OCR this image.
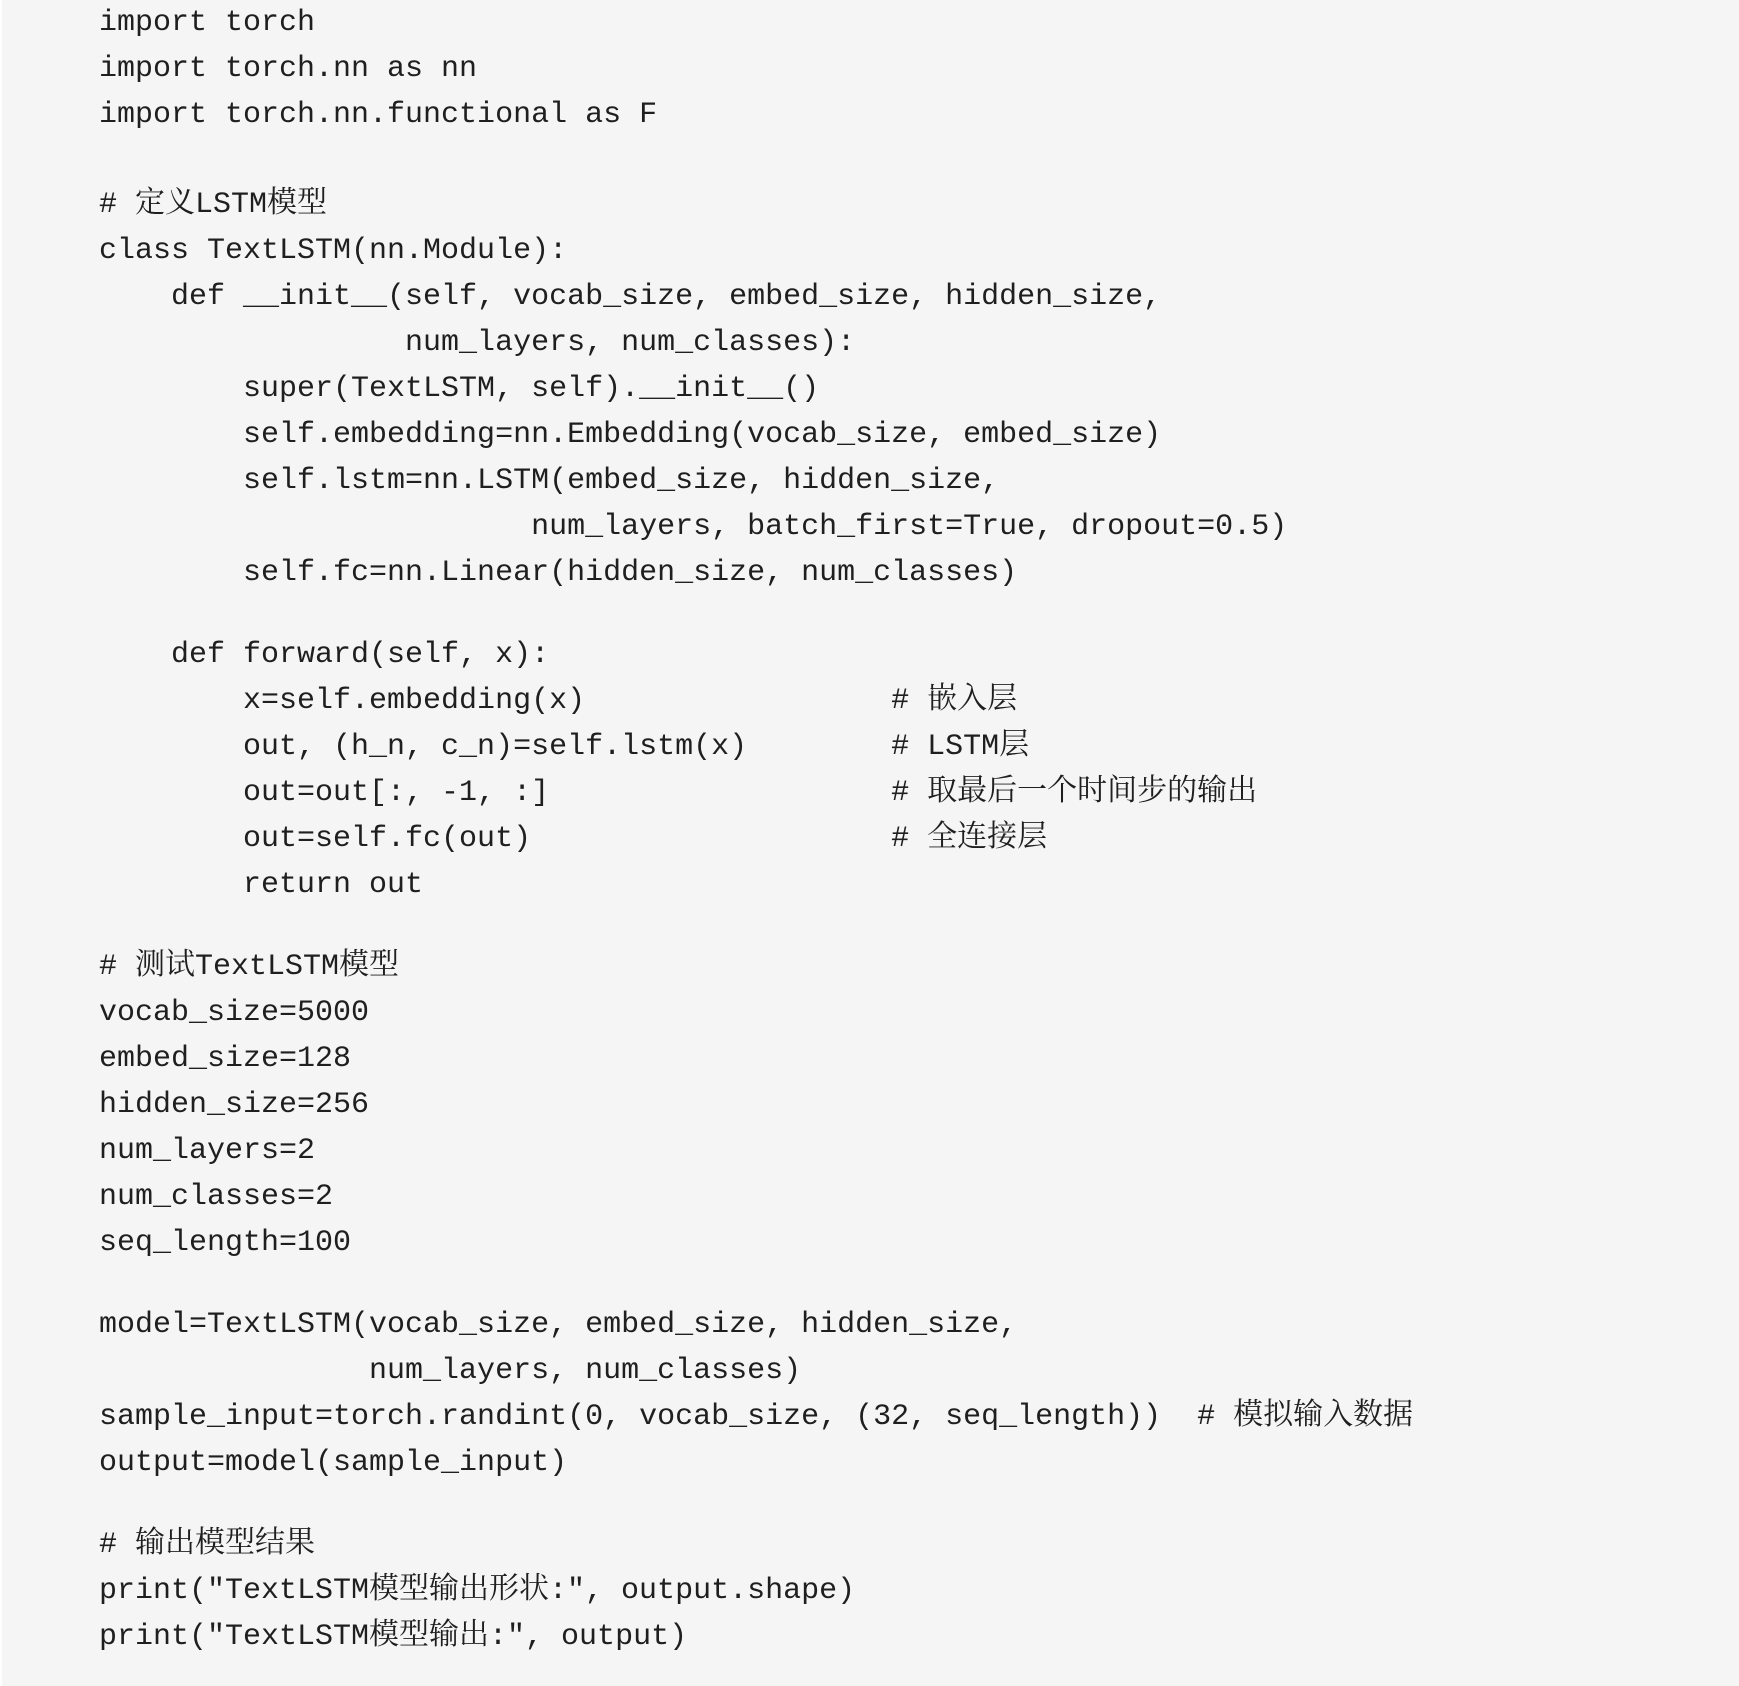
import torch
import torch.nn as nn
import torch.nn.functional as F
# 定义LSTM模型
class TextLSTM(nn.Module):
def __init__(self, vocab_size, embed_size, hidden_size,
num_layers, num_classes):
super(TextLSTM, self).__init__()
self.embedding=nn.Embedding(vocab_size, embed_size)
self.lstm=nn.LSTM(embed_size, hidden_size,
num_layers, batch_first=True, dropout=0.5)
self.fc=nn.Linear(hidden_size, num_classes)
def forward(self, x):
x=self.embedding(x)                 # 嵌入层
out, (h_n, c_n)=self.lstm(x)        # LSTM层
out=out[:, -1, :]                   # 取最后一个时间步的输出
out=self.fc(out)                    # 全连接层
return out
# 测试TextLSTM模型
vocab_size=5000
embed_size=128
hidden_size=256
num_layers=2
num_classes=2
seq_length=100
model=TextLSTM(vocab_size, embed_size, hidden_size,
num_layers, num_classes)
sample_input=torch.randint(0, vocab_size, (32, seq_length))  # 模拟输入数据
output=model(sample_input)
# 输出模型结果
print("TextLSTM模型输出形状:", output.shape)
print("TextLSTM模型输出:", output)
